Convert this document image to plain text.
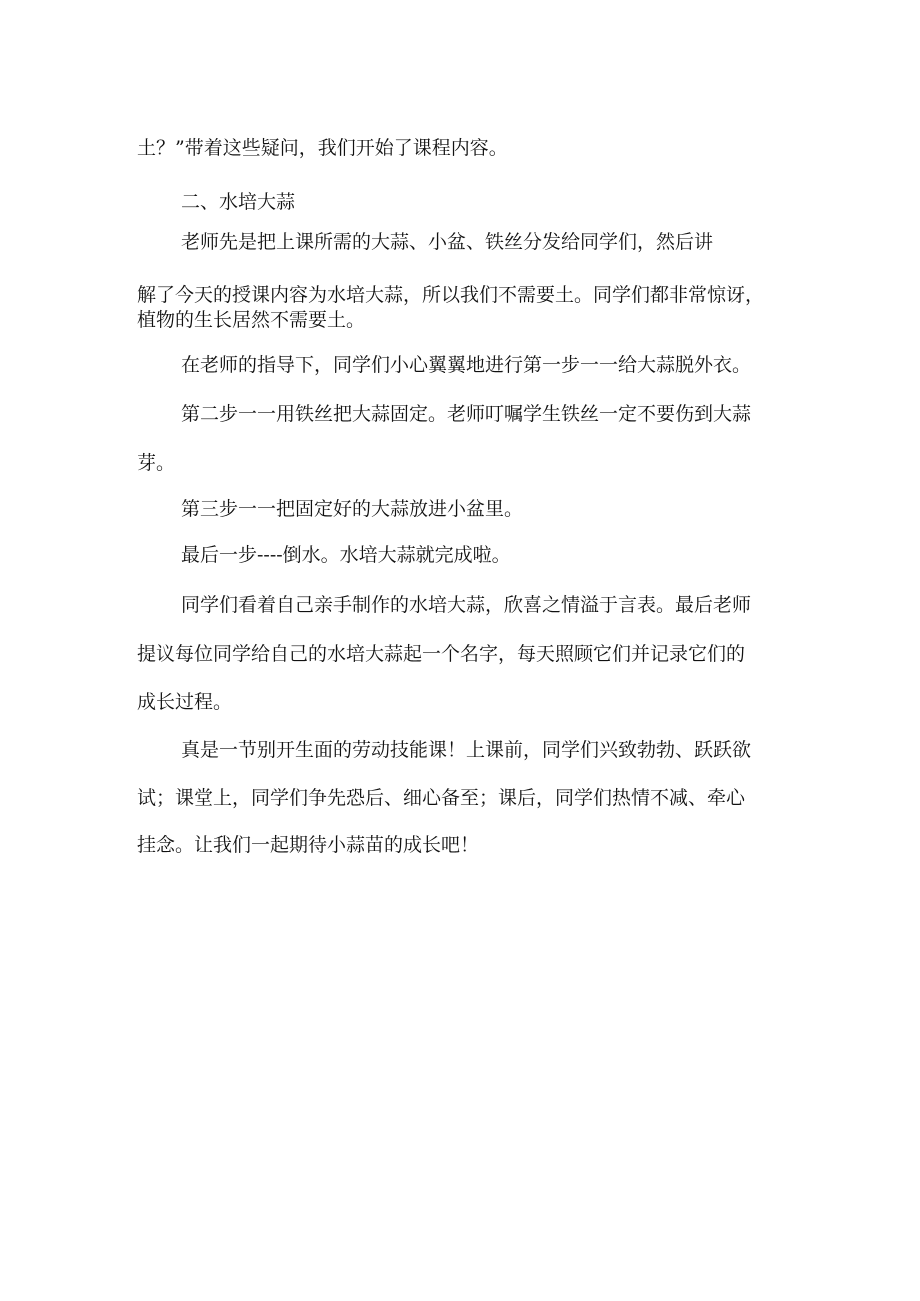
土？”带着这些疑问，我们开始了课程内容。
二、水培大蒜
老师先是把上课所需的大蒜、小盆、铁丝分发给同学们，然后讲
解了今天的授课内容为水培大蒜，所以我们不需要土。同学们都非常惊讶，
植物的生长居然不需要土。
在老师的指导下，同学们小心翼翼地进行第一步一一给大蒜脱外衣。
第二步一一用铁丝把大蒜固定。老师叮嘱学生铁丝一定不要伤到大蒜
芽。
第三步一一把固定好的大蒜放进小盆里。
最后一步----倒水。水培大蒜就完成啦。
同学们看着自己亲手制作的水培大蒜，欣喜之情溢于言表。最后老师
提议每位同学给自己的水培大蒜起一个名字，每天照顾它们并记录它们的
成长过程。
真是一节别开生面的劳动技能课！上课前，同学们兴致勃勃、跃跃欲
试；课堂上，同学们争先恐后、细心备至；课后，同学们热情不减、牵心
挂念。让我们一起期待小蒜苗的成长吧！
